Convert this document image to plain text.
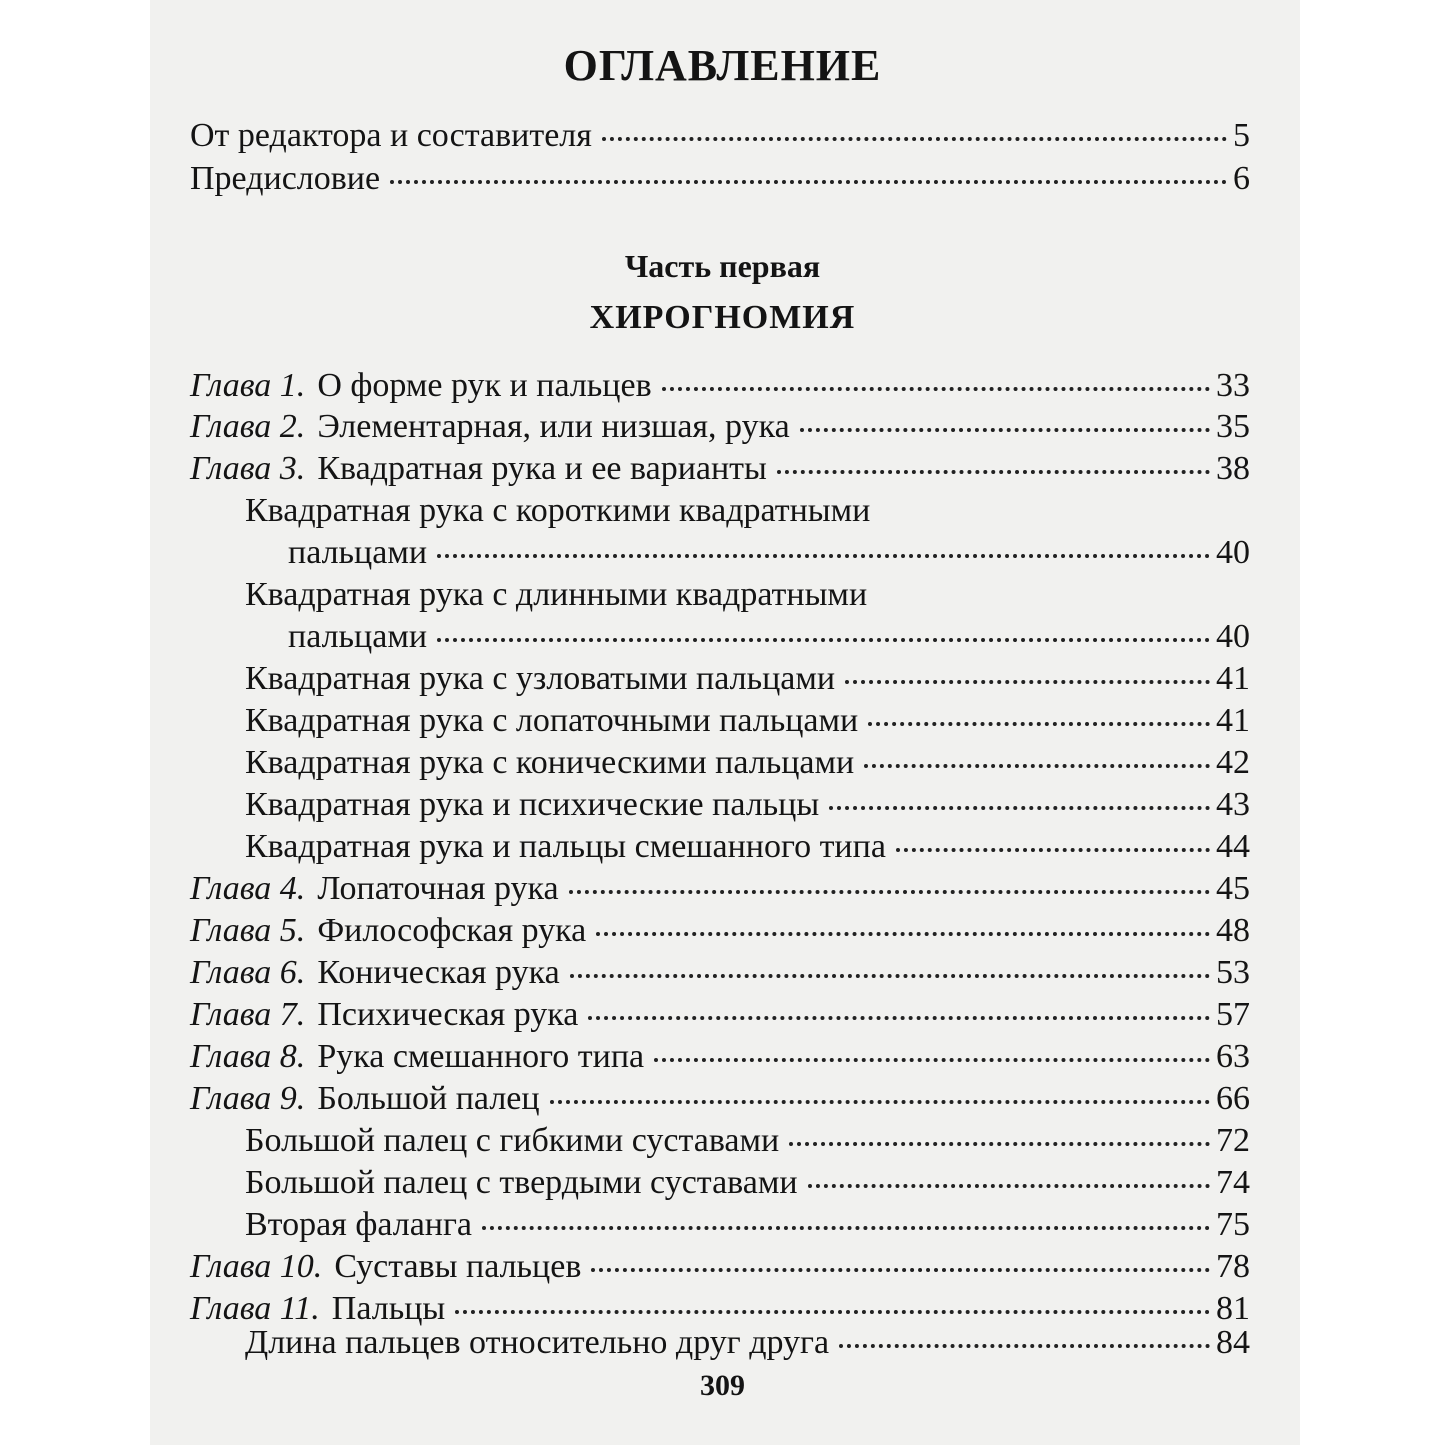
ОГЛАВЛЕНИЕ
От редактора и составителя	5
Предисловие	6
Часть первая
ХИРОГНОМИЯ
Глава 1. О форме рук и пальцев	33
Глава 2. Элементарная, или низшая, рука	35
Глава 3. Квадратная рука и ее варианты	38
Квадратная рука с короткими квадратными
пальцами	40
Квадратная рука с длинными квадратными
пальцами	40
Квадратная рука с узловатыми пальцами	41
Квадратная рука с лопаточными пальцами	41
Квадратная рука с коническими пальцами	42
Квадратная рука и психические пальцы	43
Квадратная рука и пальцы смешанного типа	44
Глава 4. Лопаточная рука	45
Глава 5. Философская рука	48
Глава 6. Коническая рука	53
Глава 7. Психическая рука	57
Глава 8. Рука смешанного типа	63
Глава 9. Большой палец	66
Большой палец с гибкими суставами	72
Большой палец с твердыми суставами	74
Вторая фаланга	75
Глава 10. Суставы пальцев	78
Глава 11. Пальцы	81
Длина пальцев относительно друг друга	84
309
